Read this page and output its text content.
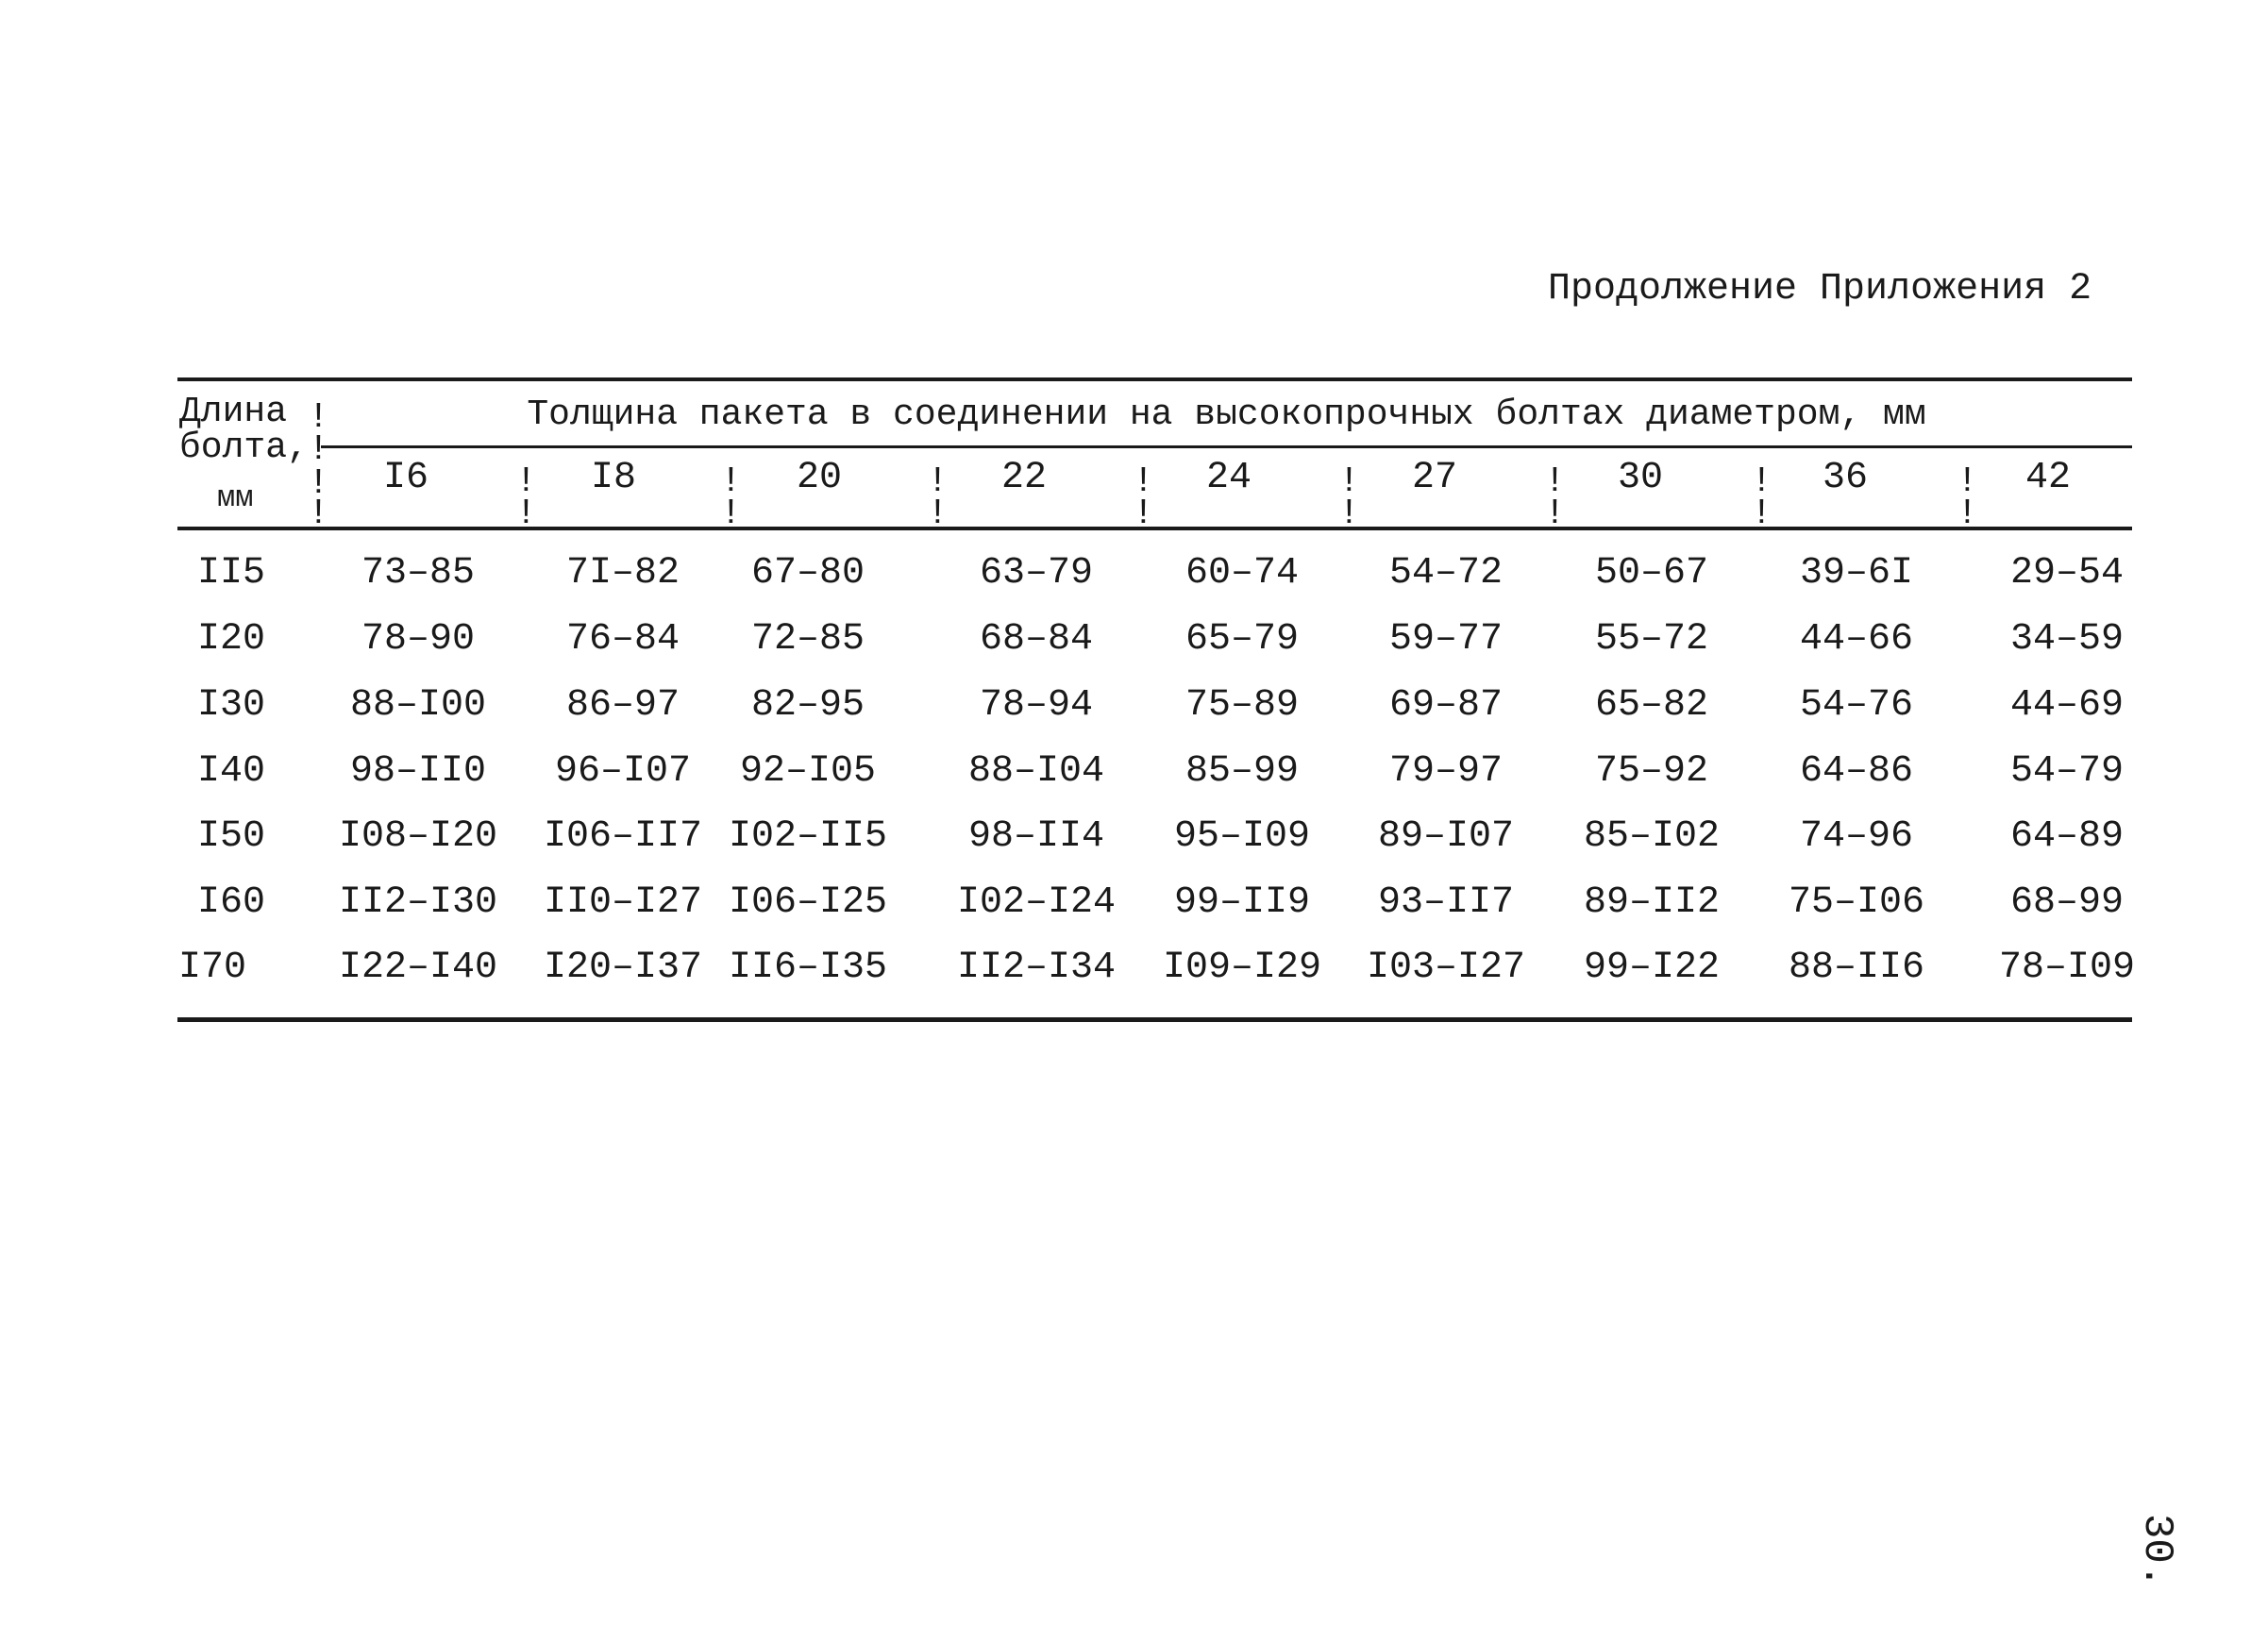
Продолжение Приложения 2
Длина
болта,
мм
Толщина пакета в соединении на высокопрочных болтах диаметром, мм
!
!
!
!
!
!
!
!
!
!
!
!
!
!
!
!
!
!
!
!
I6	I8	20	22	24	27	30	36	42
II5	73–85	7I–82	67–80	63–79	60–74	54–72	50–67	39–6I	29–54
I20	78–90	76–84	72–85	68–84	65–79	59–77	55–72	44–66	34–59
I30	88–I00	86–97	82–95	78–94	75–89	69–87	65–82	54–76	44–69
I40	98–II0	96–I07	92–I05	88–I04	85–99	79–97	75–92	64–86	54–79
I50	I08–I20	I06–II7 I02–II5	98–II4	95–I09	89–I07	85–I02	74–96	64–89
I60	II2–I30	II0–I27 I06–I25	I02–I24	99–II9	93–II7	89–II2	75–I06	68–99
I70	I22–I40	I20–I37 II6–I35	II2–I34	I09–I29	I03–I27	99–I22	88–II6	78–I09
30.
